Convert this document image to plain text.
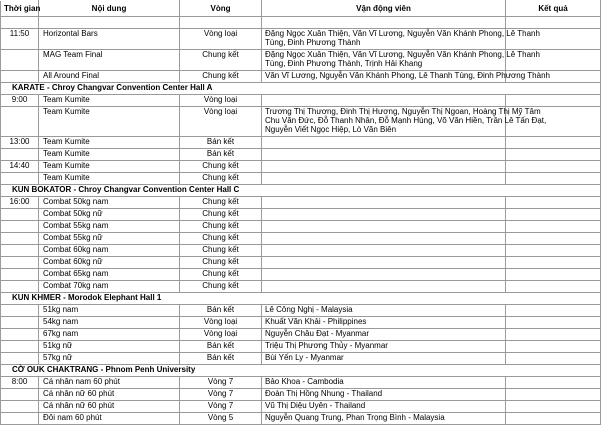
Thời gian	Nội dung	Vòng	Vận động viên	Kết quả

11:50	Horizontal Bars	Vòng loại	Đặng Ngọc Xuân Thiện, Văn Vĩ Lương, Nguyễn Văn Khánh Phong, Lê Thanh
Tùng, Đinh Phương Thành	

	MAG Team Final	Chung kết	Đặng Ngọc Xuân Thiện, Văn Vĩ Lương, Nguyễn Văn Khánh Phong, Lê Thanh
Tùng, Đinh Phương Thành, Trịnh Hải Khang	

	All Around Final	Chung kết	Văn Vĩ Lương, Nguyễn Văn Khánh Phong, Lê Thanh Tùng, Đinh Phương Thành	

KARATE - Chroy Changvar Convention Center Hall A				
9:00	Team Kumite	Vòng loại		
	Team Kumite	Vòng loại	Trương Thị Thương, Đinh Thị Hương, Nguyễn Thị Ngoan, Hoàng Thị Mỹ Tâm
Chu Văn Đức, Đỗ Thanh Nhân, Đỗ Mạnh Hùng, Võ Văn Hiền, Trần Lê Tấn Đạt,
Nguyễn Viết Ngọc Hiệp, Lò Văn Biên	

13:00	Team Kumite	Bán kết		
	Team Kumite	Bán kết		
14:40	Team Kumite	Chung kết		
	Team Kumite	Chung kết		
KUN BOKATOR - Chroy Changvar Convention Center Hall C				
16:00	Combat 50kg nam	Chung kết		
	Combat 50kg nữ	Chung kết		
	Combat 55kg nam	Chung kết		
	Combat 55kg nữ	Chung kết		
	Combat 60kg nam	Chung kết		
	Combat 60kg nữ	Chung kết		
	Combat 65kg nam	Chung kết		
	Combat 70kg nam	Chung kết		
KUN KHMER - Morodok Elephant Hall 1				
	51kg nam	Bán kết	Lê Công Nghị - Malaysia	

	54kg nam	Vòng loại	Khuất Văn Khải - Philippines	

	67kg nam	Vòng loại	Nguyễn Châu Đạt - Myanmar	

	51kg nữ	Bán kết	Triệu Thị Phương Thủy - Myanmar	

	57kg nữ	Bán kết	Bùi Yến Ly - Myanmar	

CỜ OUK CHAKTRANG - Phnom Penh University				
8:00	Cá nhân nam 60 phút	Vòng 7	Bảo Khoa - Cambodia	

	Cá nhân nữ 60 phút	Vòng 7	Đoàn Thị Hồng Nhung - Thailand	

	Cá nhân nữ 60 phút	Vòng 7	Vũ Thị Diệu Uyên - Thailand	

	Đôi nam 60 phút	Vòng 5	Nguyễn Quang Trung, Phan Trọng Bình - Malaysia	
